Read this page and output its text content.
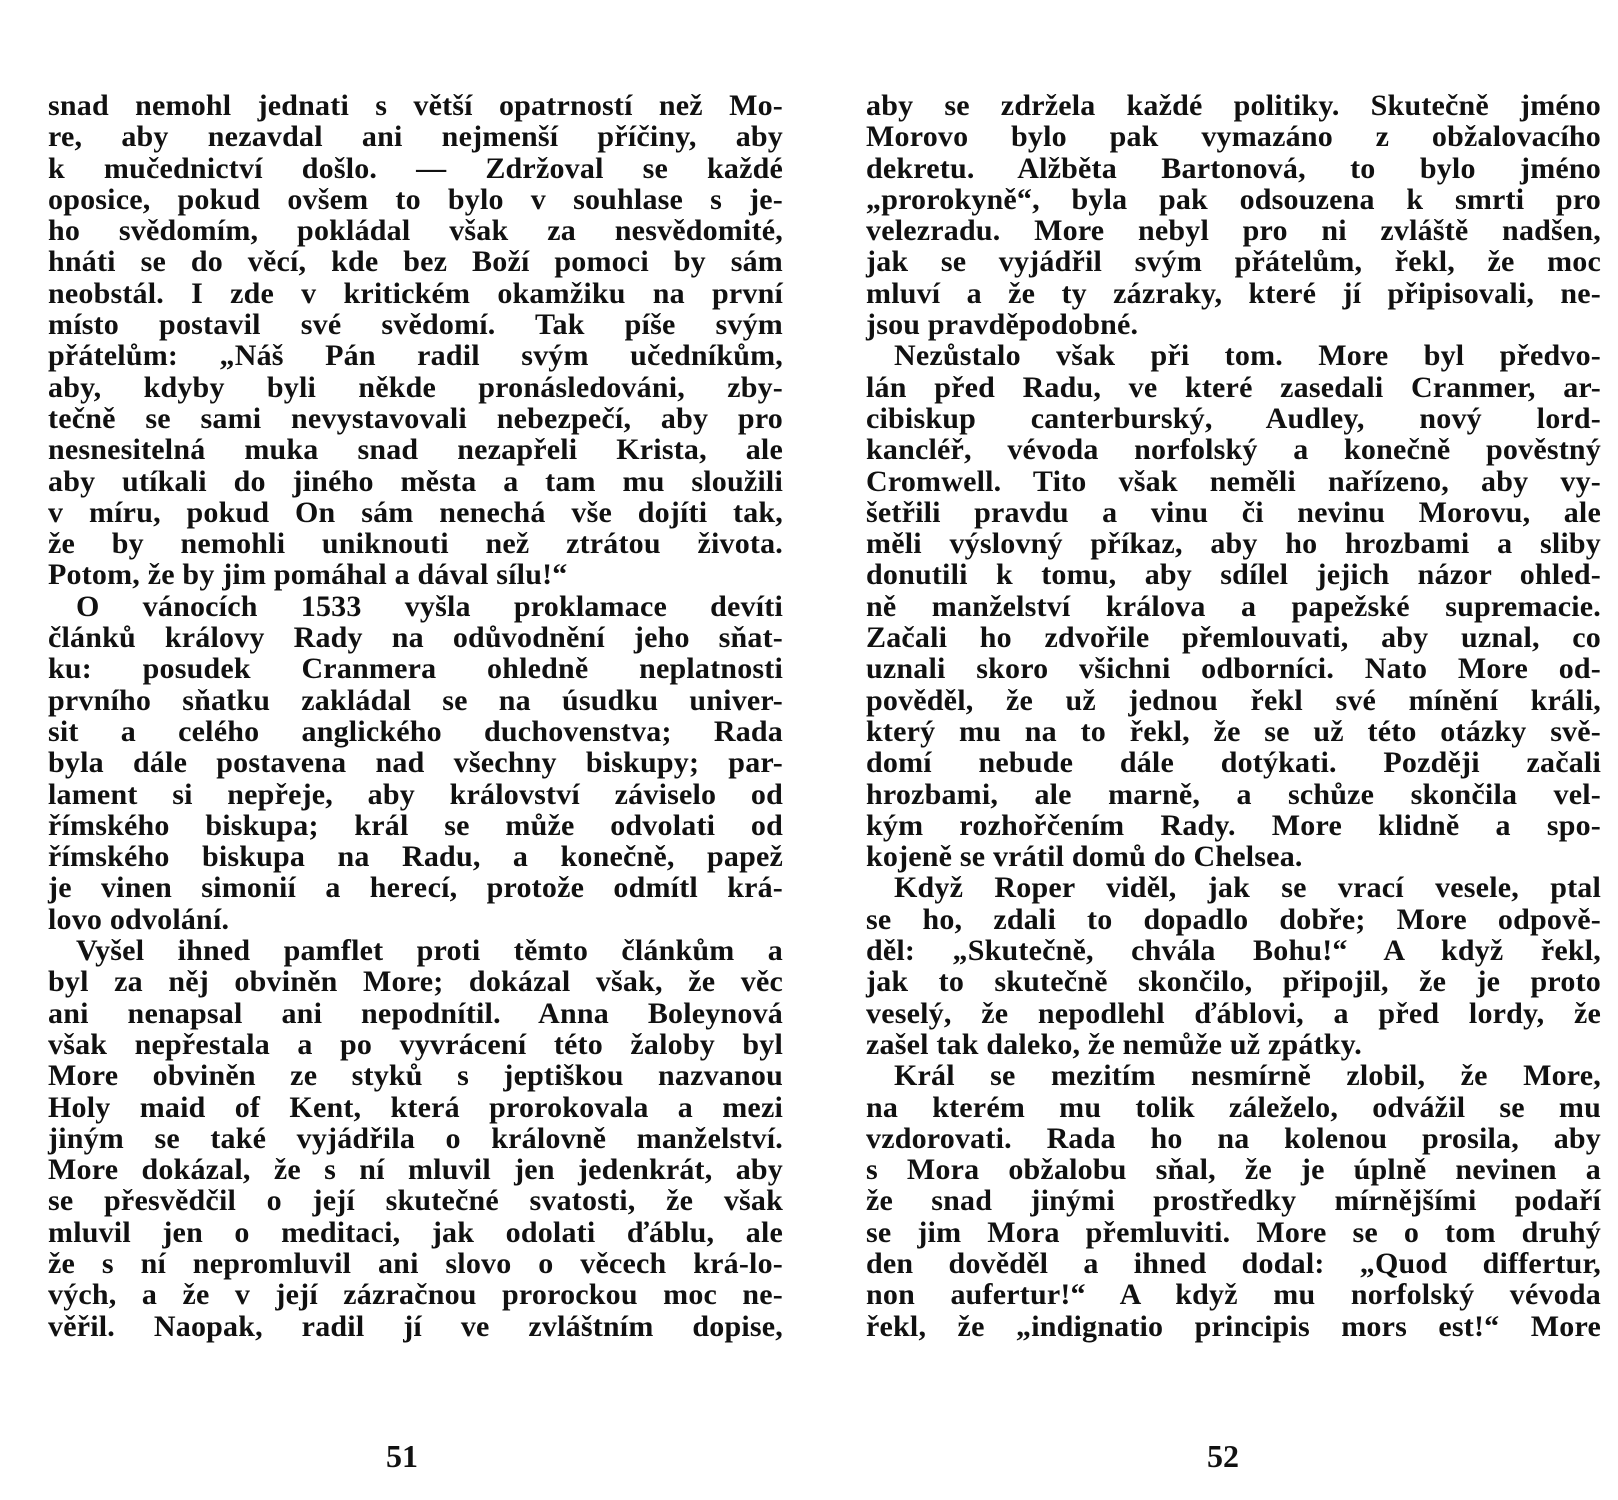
snad nemohl jednati s větší opatrností než Mo-
re, aby nezavdal ani nejmenší příčiny, aby
k mučednictví došlo. — Zdržoval se každé
oposice, pokud ovšem to bylo v souhlase s je-
ho svědomím, pokládal však za nesvědomité,
hnáti se do věcí, kde bez Boží pomoci by sám
neobstál. I zde v kritickém okamžiku na první
místo postavil své svědomí. Tak píše svým
přátelům: „Náš Pán radil svým učedníkům,
aby, kdyby byli někde pronásledováni, zby-
tečně se sami nevystavovali nebezpečí, aby pro
nesnesitelná muka snad nezapřeli Krista, ale
aby utíkali do jiného města a tam mu sloužili
v míru, pokud On sám nenechá vše dojíti tak,
že by nemohli uniknouti než ztrátou života.
Potom, že by jim pomáhal a dával sílu!“
O vánocích 1533 vyšla proklamace devíti
článků královy Rady na odůvodnění jeho sňat-
ku: posudek Cranmera ohledně neplatnosti
prvního sňatku zakládal se na úsudku univer-
sit a celého anglického duchovenstva; Rada
byla dále postavena nad všechny biskupy; par-
lament si nepřeje, aby království záviselo od
římského biskupa; král se může odvolati od
římského biskupa na Radu, a konečně, papež
je vinen simonií a herесí, protože odmítl krá-
lovo odvolání.
Vyšel ihned pamflet proti těmto článkům a
byl za něj obviněn More; dokázal však, že věc
ani nenapsal ani nepodnítil. Anna Boleynová
však nepřestala a po vyvrácení této žaloby byl
More obviněn ze styků s jeptiškou nazvanou
Holy maid of Kent, která prorokovala a mezi
jiným se také vyjádřila o královně manželství.
More dokázal, že s ní mluvil jen jedenkrát, aby
se přesvědčil o její skutečné svatosti, že však
mluvil jen o meditaci, jak odolati ďáblu, ale
že s ní nepromluvil ani slovo o věcech krá-lo-
vých, a že v její zázračnou prorockou moc ne-
věřil. Naopak, radil jí ve zvláštním dopise,
aby se zdržela každé politiky. Skutečně jméno
Morovo bylo pak vymazáno z obžalovacího
dekretu. Alžběta Bartonová, to bylo jméno
„prorokyně“, byla pak odsouzena k smrti pro
velezradu. More nebyl pro ni zvláště nadšen,
jak se vyjádřil svým přátelům, řekl, že moc
mluví a že ty zázraky, které jí připisovali, ne-
jsou pravděpodobné.
Nezůstalo však při tom. More byl předvo-
lán před Radu, ve které zasedali Cranmer, ar-
cibiskup canterburský, Audley, nový lord-
kancléř, vévoda norfolský a konečně pověstný
Cromwell. Tito však neměli nařízeno, aby vy-
šetřili pravdu a vinu či nevinu Morovu, ale
měli výslovný příkaz, aby ho hrozbami a sliby
donutili k tomu, aby sdílel jejich názor ohled-
ně manželství králova a papežské supremacie.
Začali ho zdvořile přemlouvati, aby uznal, co
uznali skoro všichni odborníci. Nato More od-
pověděl, že už jednou řekl své mínění králi,
který mu na to řekl, že se už této otázky svě-
domí nebude dále dotýkati. Později začali
hrozbami, ale marně, a schůze skončila vel-
kým rozhořčením Rady. More klidně a spo-
kojeně se vrátil domů do Chelsea.
Když Roper viděl, jak se vrací vesele, ptal
se ho, zdali to dopadlo dobře; More odpově-
děl: „Skutečně, chvála Bohu!“ A když řekl,
jak to skutečně skončilo, připojil, že je proto
veselý, že nepodlehl ďáblovi, a před lordy, že
zašel tak daleko, že nemůže už zpátky.
Král se mezitím nesmírně zlobil, že More,
na kterém mu tolik záleželo, odvážil se mu
vzdorovati. Rada ho na kolenou prosila, aby
s Mora obžalobu sňal, že je úplně nevinen a
že snad jinými prostředky mírnějšími podaří
se jim Mora přemluviti. More se o tom druhý
den dověděl a ihned dodal: „Quod differtur,
non aufertur!“ A když mu norfolský vévoda
řekl, že „indignatio principis mors est!“ More
51	52
